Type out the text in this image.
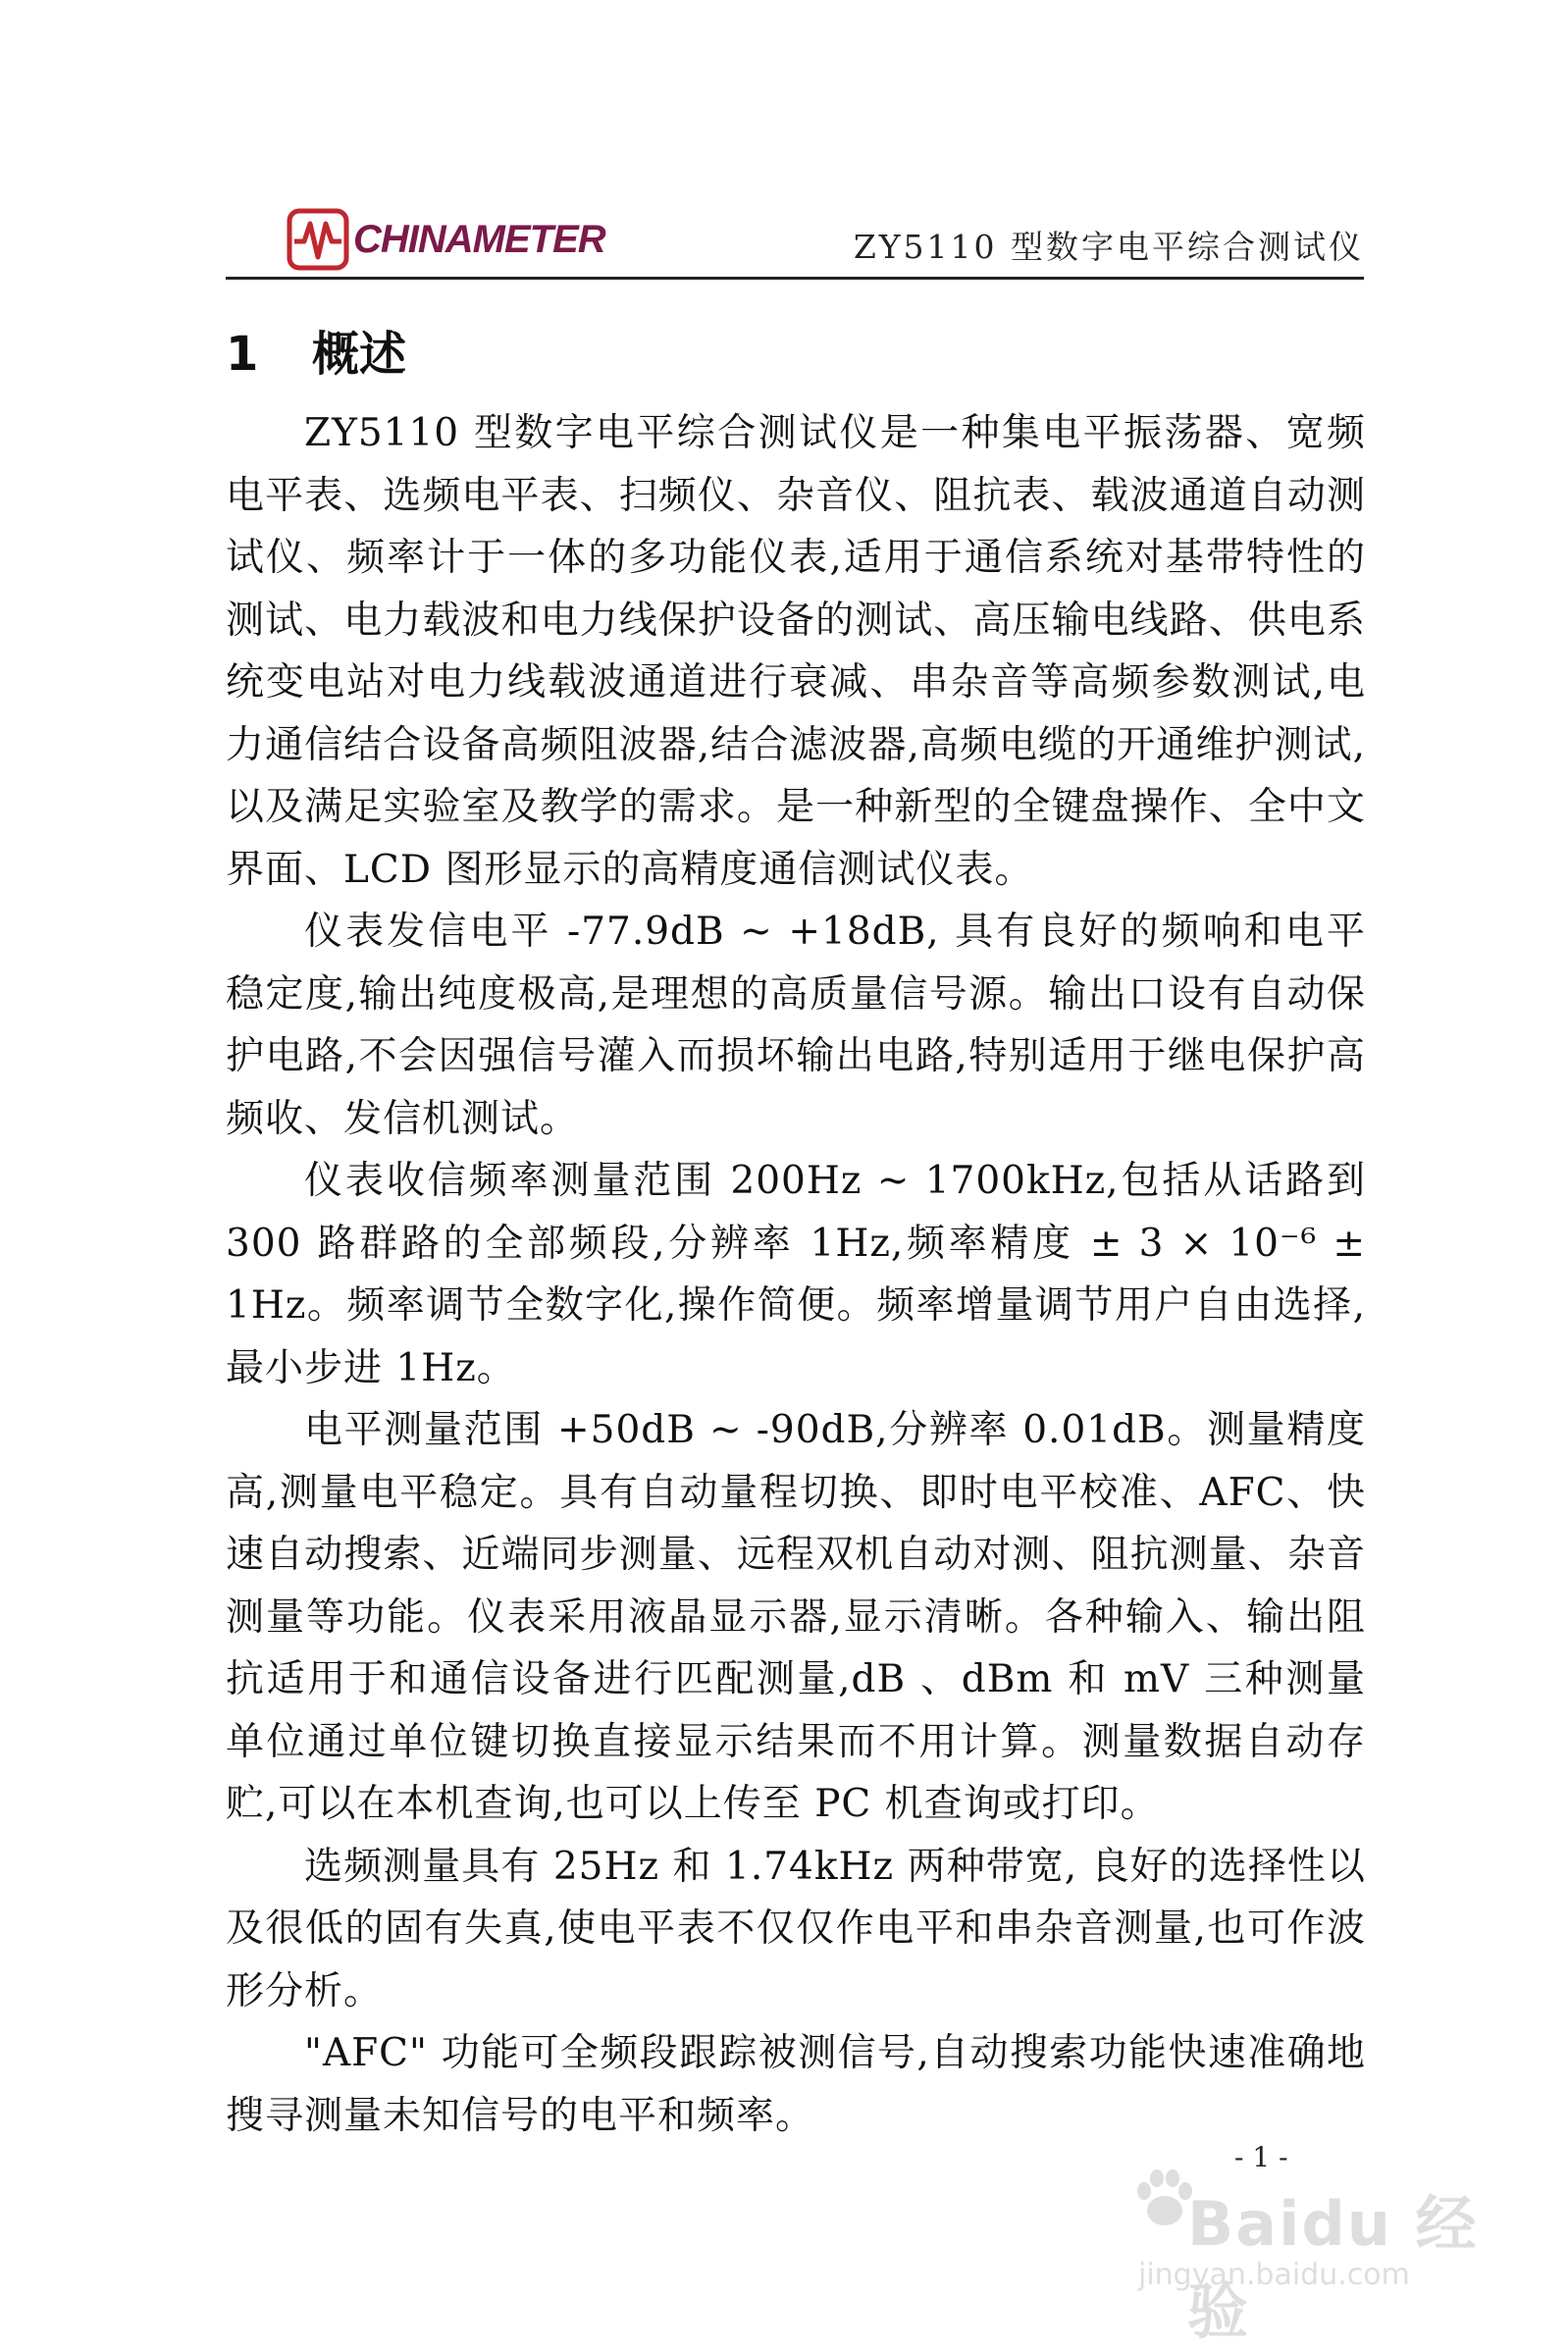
CHINAMETER	ZY5110 型数字电平综合测试仪
1 概述

ZY5110 型数字电平综合测试仪是一种集电平振荡器、宽频电平表、选频电平表、扫频仪、杂音仪、阻抗表、载波通道自动测试仪、频率计于一体的多功能仪表,适用于通信系统对基带特性的测试、电力载波和电力线保护设备的测试、高压输电线路、供电系统变电站对电力线载波通道进行衰减、串杂音等高频参数测试,电力通信结合设备高频阻波器,结合滤波器,高频电缆的开通维护测试,以及满足实验室及教学的需求。是一种新型的全键盘操作、全中文界面、LCD 图形显示的高精度通信测试仪表。

仪表发信电平 -77.9dB ~ +18dB, 具有良好的频响和电平稳定度,输出纯度极高,是理想的高质量信号源。输出口设有自动保护电路,不会因强信号灌入而损坏输出电路,特别适用于继电保护高频收、发信机测试。

仪表收信频率测量范围 200Hz ~ 1700kHz,包括从话路到 300 路群路的全部频段,分辨率 1Hz,频率精度 ± 3 × 10⁻⁶ ± 1Hz。频率调节全数字化,操作简便。频率增量调节用户自由选择,最小步进 1Hz。

电平测量范围 +50dB ~ -90dB,分辨率 0.01dB。测量精度高,测量电平稳定。具有自动量程切换、即时电平校准、AFC、快速自动搜索、近端同步测量、远程双机自动对测、阻抗测量、杂音测量等功能。仪表采用液晶显示器,显示清晰。各种输入、输出阻抗适用于和通信设备进行匹配测量,dB 、dBm 和 mV 三种测量单位通过单位键切换直接显示结果而不用计算。测量数据自动存贮,可以在本机查询,也可以上传至 PC 机查询或打印。

选频测量具有 25Hz 和 1.74kHz 两种带宽, 良好的选择性以及很低的固有失真,使电平表不仅仅作电平和串杂音测量,也可作波形分析。

"AFC" 功能可全频段跟踪被测信号,自动搜索功能快速准确地搜寻测量未知信号的电平和频率。

- 1 -
Baidu 经验
jingyan.baidu.com
